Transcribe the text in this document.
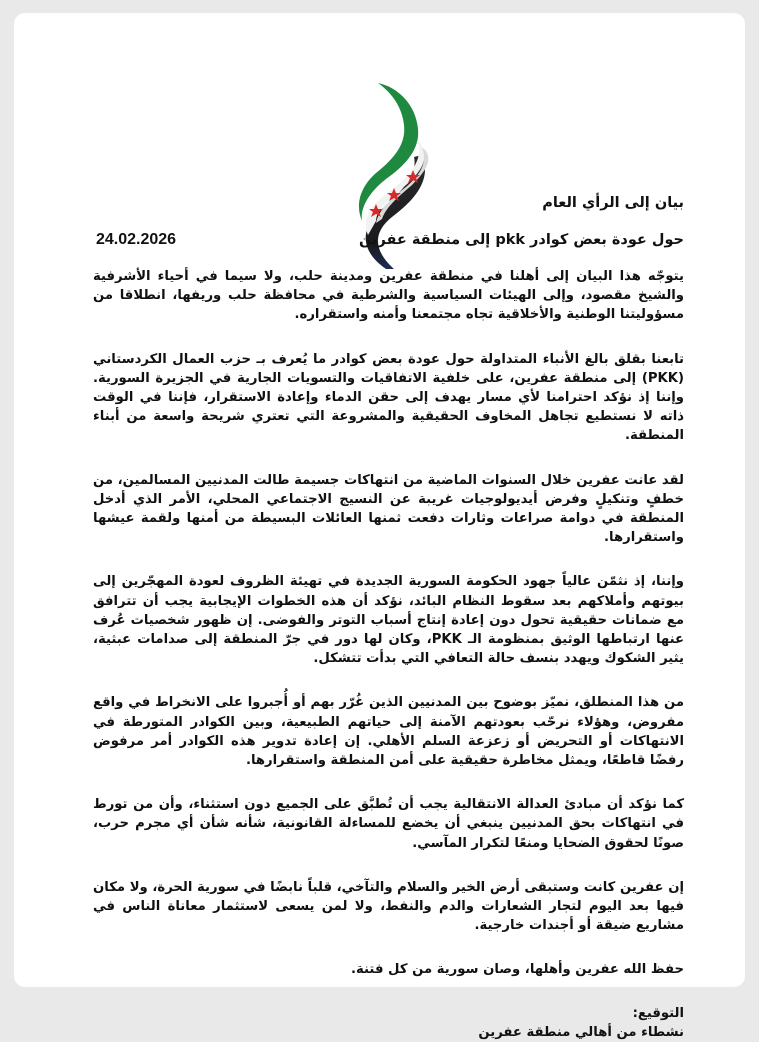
بيان إلى الرأي العام
حول عودة بعض كوادر pkk إلى منطقة عفرين
24.02.2026

يتوجّه هذا البيان إلى أهلنا في منطقة عفرين ومدينة حلب، ولا سيما في أحياء الأشرفية والشيخ مقصود، وإلى الهيئات السياسية والشرطية في محافظة حلب وريفها، انطلاقا من مسؤوليتنا الوطنية والأخلاقية تجاه مجتمعنا وأمنه واستقراره.

تابعنا بقلق بالغ الأنباء المتداولة حول عودة بعض كوادر ما يُعرف بـ حزب العمال الكردستاني (PKK) إلى منطقة عفرين، على خلفية الاتفاقيات والتسويات الجارية في الجزيرة السورية. وإننا إذ نؤكد احترامنا لأي مسار يهدف إلى حقن الدماء وإعادة الاستقرار، فإننا في الوقت ذاته لا نستطيع تجاهل المخاوف الحقيقية والمشروعة التي تعتري شريحة واسعة من أبناء المنطقة.

لقد عانت عفرين خلال السنوات الماضية من انتهاكات جسيمة طالت المدنيين المسالمين، من خطفٍ وتنكيلٍ وفرض أيديولوجيات غريبة عن النسيج الاجتماعي المحلي، الأمر الذي أدخل المنطقة في دوامة صراعات وثارات دفعت ثمنها العائلات البسيطة من أمنها ولقمة عيشها واستقرارها.

وإننا، إذ نثمّن عالياً جهود الحكومة السورية الجديدة في تهيئة الظروف لعودة المهجّرين إلى بيوتهم وأملاكهم بعد سقوط النظام البائد، نؤكد أن هذه الخطوات الإيجابية يجب أن تترافق مع ضمانات حقيقية تحول دون إعادة إنتاج أسباب التوتر والفوضى. إن ظهور شخصيات عُرف عنها ارتباطها الوثيق بمنظومة الـ PKK، وكان لها دور في جرّ المنطقة إلى صدامات عبثية، يثير الشكوك ويهدد بنسف حالة التعافي التي بدأت تتشكل.

من هذا المنطلق، نميّز بوضوح بين المدنيين الذين غُرّر بهم أو أُجبروا على الانخراط في واقع مفروض، وهؤلاء نرحّب بعودتهم الآمنة إلى حياتهم الطبيعية، وبين الكوادر المتورطة في الانتهاكات أو التحريض أو زعزعة السلم الأهلي. إن إعادة تدوير هذه الكوادر أمر مرفوض رفضًا قاطعًا، ويمثل مخاطرة حقيقية على أمن المنطقة واستقرارها.

كما نؤكد أن مبادئ العدالة الانتقالية يجب أن تُطبَّق على الجميع دون استثناء، وأن من تورط في انتهاكات بحق المدنيين ينبغي أن يخضع للمساءلة القانونية، شأنه شأن أي مجرم حرب، صونًا لحقوق الضحايا ومنعًا لتكرار المآسي.

إن عفرين كانت وستبقى أرض الخير والسلام والتآخي، قلباً نابضًا في سورية الحرة، ولا مكان فيها بعد اليوم لتجار الشعارات والدم والنفط، ولا لمن يسعى لاستثمار معاناة الناس في مشاريع ضيقة أو أجندات خارجية.

حفظ الله عفرين وأهلها، وصان سورية من كل فتنة.

التوقيع:
نشطاء من أهالي منطقة عفرين
